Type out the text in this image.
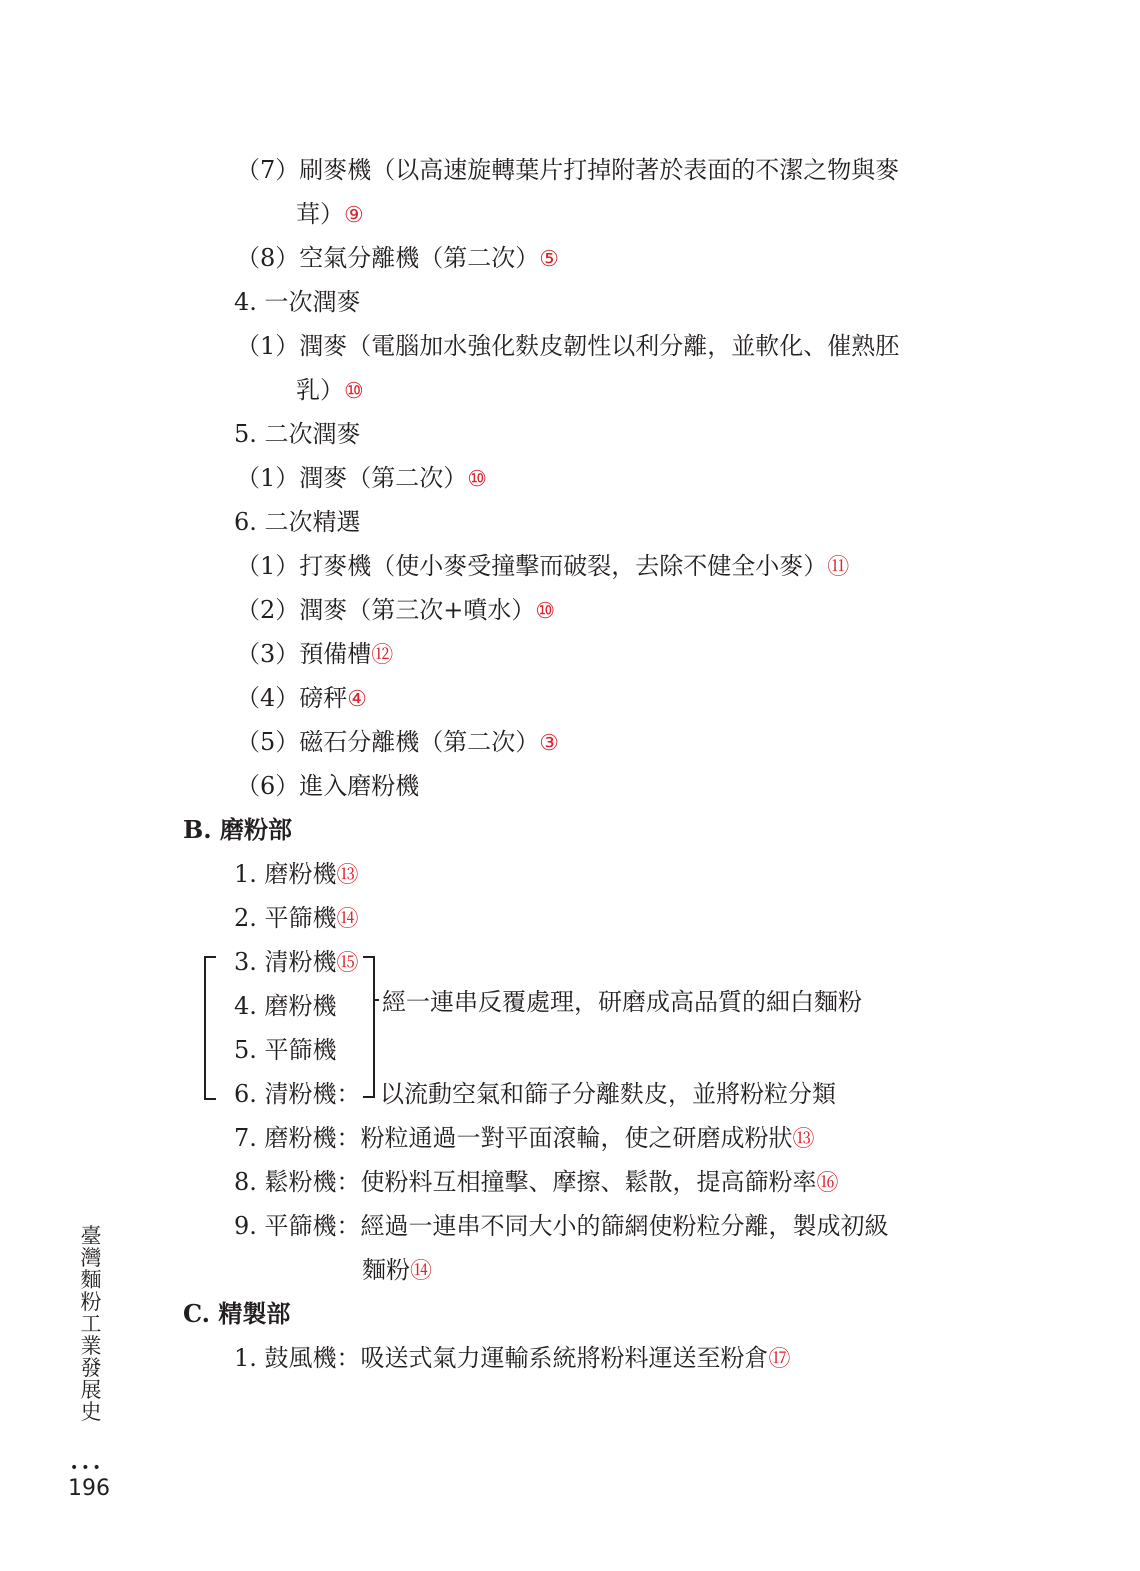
（7）刷麥機（以高速旋轉葉片打掉附著於表面的不潔之物與麥
茸）⑨
（8）空氣分離機（第二次）⑤
4. 一次潤麥
（1）潤麥（電腦加水強化麩皮韌性以利分離，並軟化、催熟胚
乳）⑩
5. 二次潤麥
（1）潤麥（第二次）⑩
6. 二次精選
（1）打麥機（使小麥受撞擊而破裂，去除不健全小麥）⑪
（2）潤麥（第三次+噴水）⑩
（3）預備槽⑫
（4）磅秤④
（5）磁石分離機（第二次）③
（6）進入磨粉機
B. 磨粉部
1. 磨粉機⑬
2. 平篩機⑭
3. 清粉機⑮
4. 磨粉機
5. 平篩機
6. 清粉機：
7. 磨粉機：粉粒通過一對平面滾輪，使之研磨成粉狀⑬
8. 鬆粉機：使粉料互相撞擊、摩擦、鬆散，提高篩粉率⑯
9. 平篩機：經過一連串不同大小的篩網使粉粒分離，製成初級
麵粉⑭
C. 精製部
1. 鼓風機：吸送式氣力運輸系統將粉料運送至粉倉⑰
經一連串反覆處理，研磨成高品質的細白麵粉
以流動空氣和篩子分離麩皮，並將粉粒分類
臺
灣
麵
粉
工
業
發
展
史
•••
196
